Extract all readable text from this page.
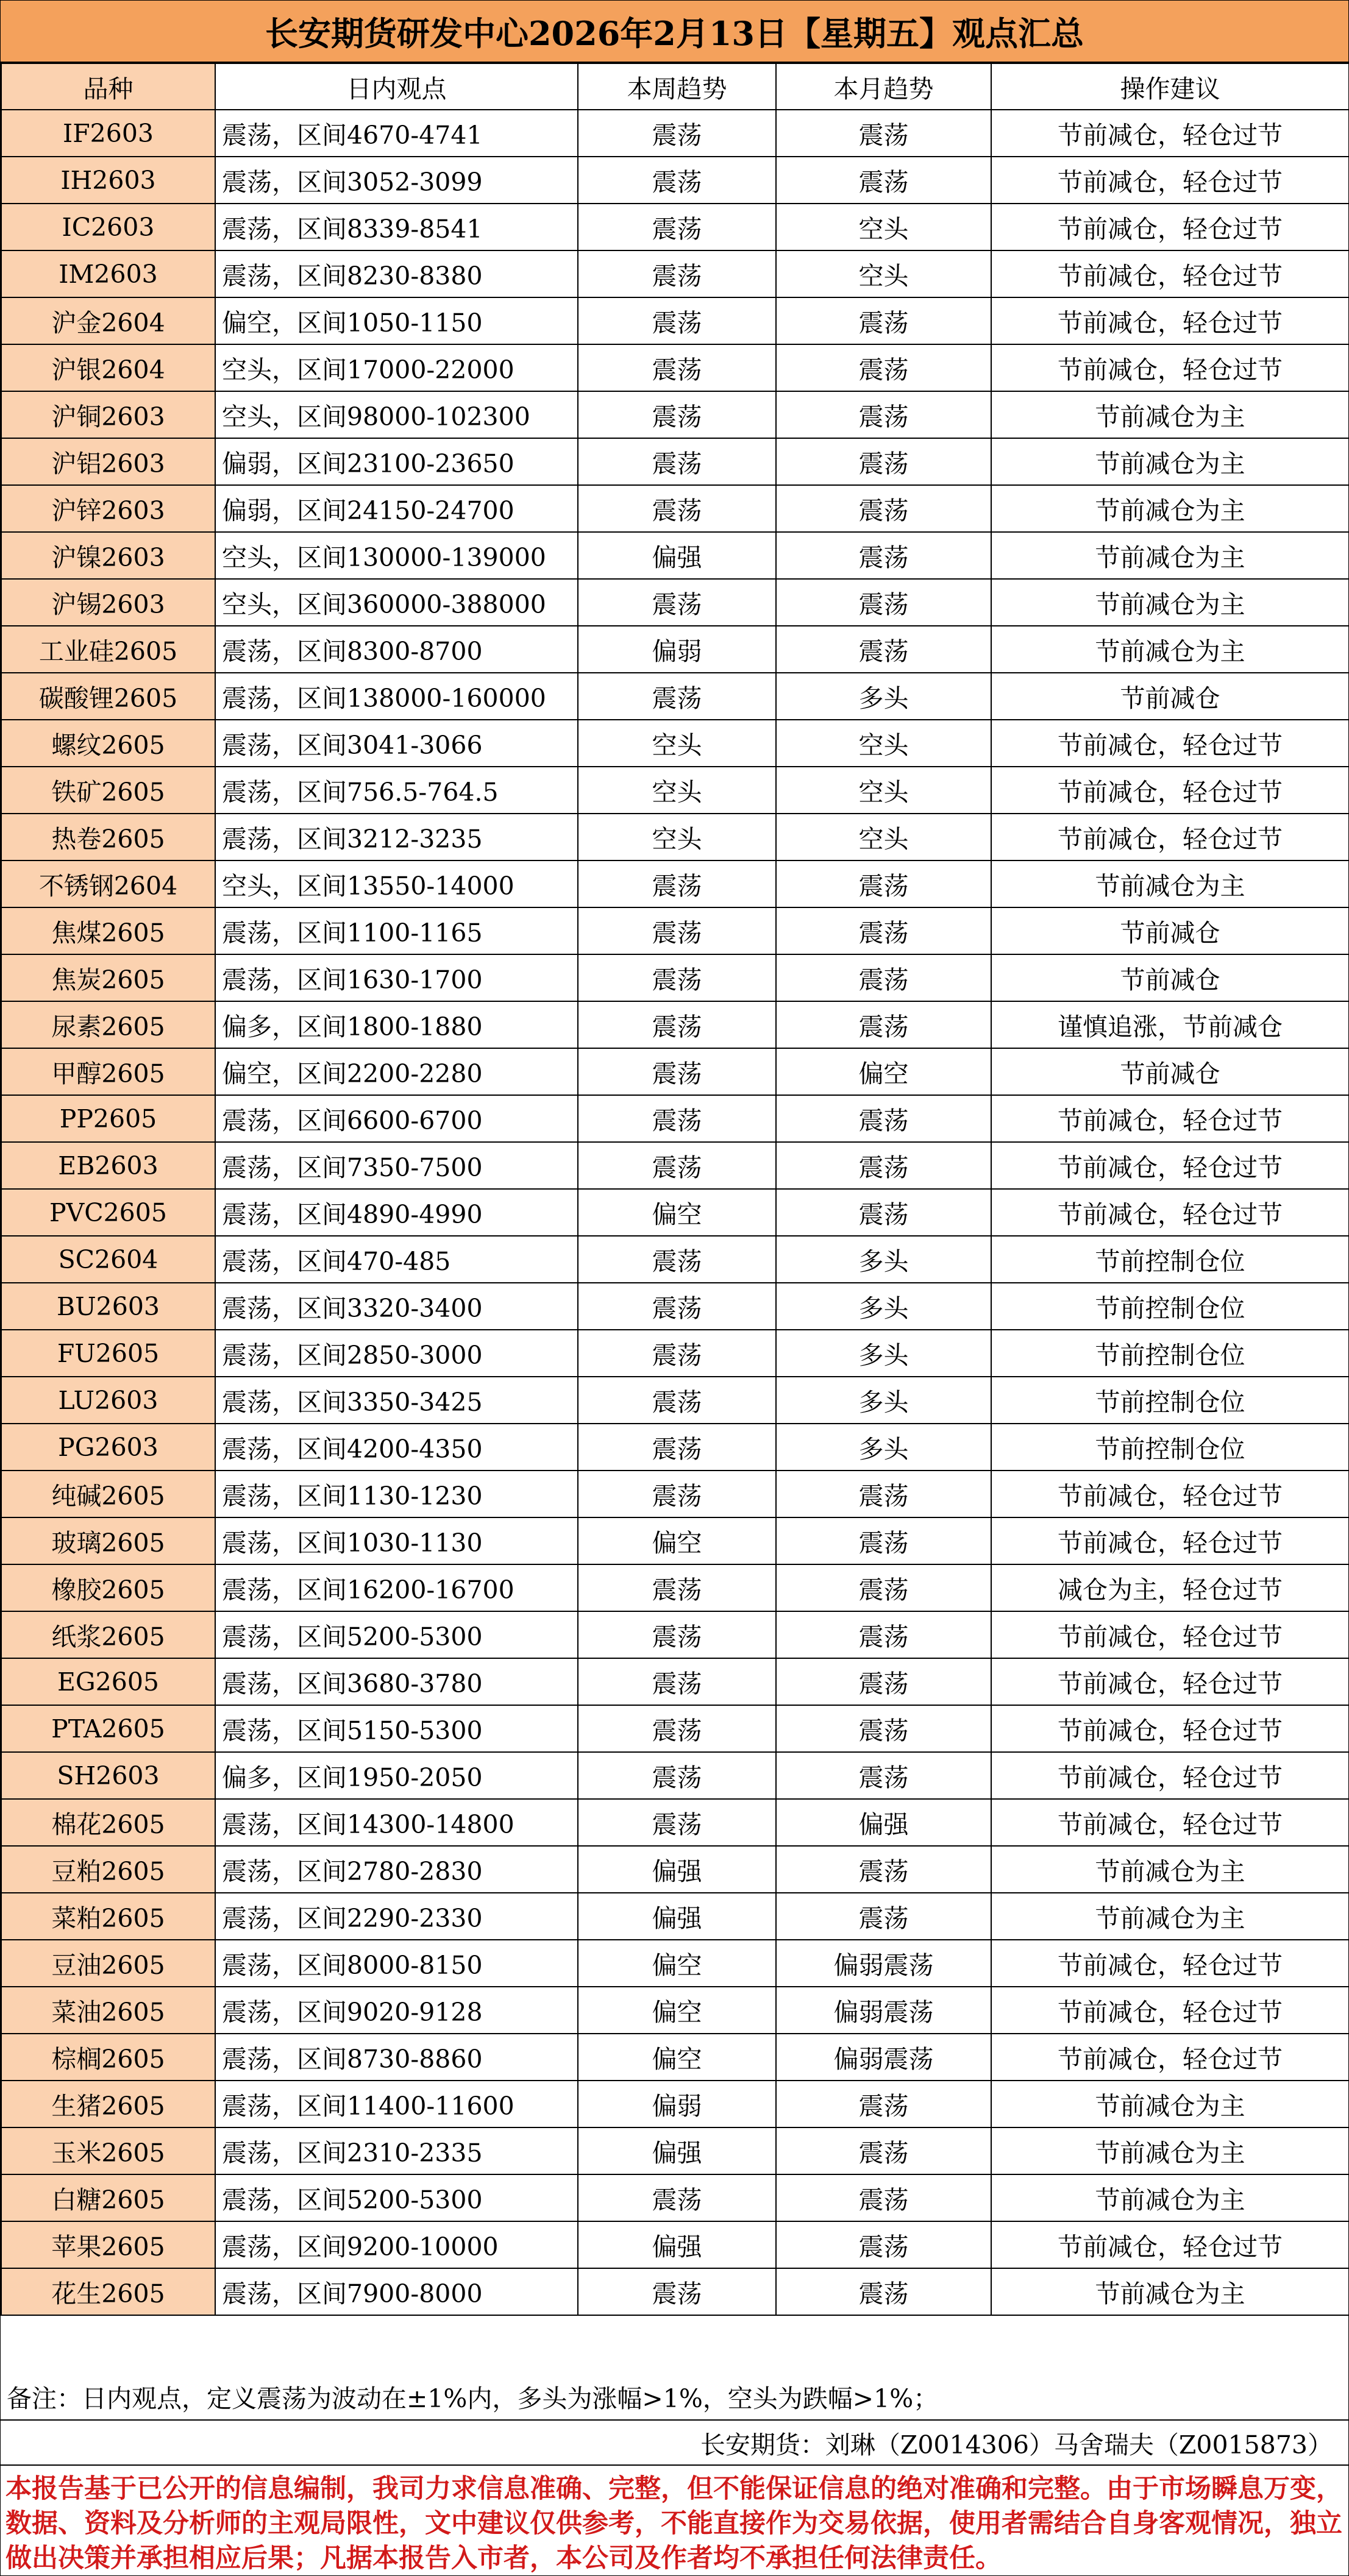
长安期货研发中心2026年2月13日【星期五】观点汇总
品种	日内观点	本周趋势	本月趋势	操作建议
IF2603	震荡，区间4670-4741	震荡	震荡	节前减仓，轻仓过节
IH2603	震荡，区间3052-3099	震荡	震荡	节前减仓，轻仓过节
IC2603	震荡，区间8339-8541	震荡	空头	节前减仓，轻仓过节
IM2603	震荡，区间8230-8380	震荡	空头	节前减仓，轻仓过节
沪金2604	偏空，区间1050-1150	震荡	震荡	节前减仓，轻仓过节
沪银2604	空头，区间17000-22000	震荡	震荡	节前减仓，轻仓过节
沪铜2603	空头，区间98000-102300	震荡	震荡	节前减仓为主
沪铝2603	偏弱，区间23100-23650	震荡	震荡	节前减仓为主
沪锌2603	偏弱，区间24150-24700	震荡	震荡	节前减仓为主
沪镍2603	空头，区间130000-139000	偏强	震荡	节前减仓为主
沪锡2603	空头，区间360000-388000	震荡	震荡	节前减仓为主
工业硅2605	震荡，区间8300-8700	偏弱	震荡	节前减仓为主
碳酸锂2605	震荡，区间138000-160000	震荡	多头	节前减仓
螺纹2605	震荡，区间3041-3066	空头	空头	节前减仓，轻仓过节
铁矿2605	震荡，区间756.5-764.5	空头	空头	节前减仓，轻仓过节
热卷2605	震荡，区间3212-3235	空头	空头	节前减仓，轻仓过节
不锈钢2604	空头，区间13550-14000	震荡	震荡	节前减仓为主
焦煤2605	震荡，区间1100-1165	震荡	震荡	节前减仓
焦炭2605	震荡，区间1630-1700	震荡	震荡	节前减仓
尿素2605	偏多，区间1800-1880	震荡	震荡	谨慎追涨，节前减仓
甲醇2605	偏空，区间2200-2280	震荡	偏空	节前减仓
PP2605	震荡，区间6600-6700	震荡	震荡	节前减仓，轻仓过节
EB2603	震荡，区间7350-7500	震荡	震荡	节前减仓，轻仓过节
PVC2605	震荡，区间4890-4990	偏空	震荡	节前减仓，轻仓过节
SC2604	震荡，区间470-485	震荡	多头	节前控制仓位
BU2603	震荡，区间3320-3400	震荡	多头	节前控制仓位
FU2605	震荡，区间2850-3000	震荡	多头	节前控制仓位
LU2603	震荡，区间3350-3425	震荡	多头	节前控制仓位
PG2603	震荡，区间4200-4350	震荡	多头	节前控制仓位
纯碱2605	震荡，区间1130-1230	震荡	震荡	节前减仓，轻仓过节
玻璃2605	震荡，区间1030-1130	偏空	震荡	节前减仓，轻仓过节
橡胶2605	震荡，区间16200-16700	震荡	震荡	减仓为主，轻仓过节
纸浆2605	震荡，区间5200-5300	震荡	震荡	节前减仓，轻仓过节
EG2605	震荡，区间3680-3780	震荡	震荡	节前减仓，轻仓过节
PTA2605	震荡，区间5150-5300	震荡	震荡	节前减仓，轻仓过节
SH2603	偏多，区间1950-2050	震荡	震荡	节前减仓，轻仓过节
棉花2605	震荡，区间14300-14800	震荡	偏强	节前减仓，轻仓过节
豆粕2605	震荡，区间2780-2830	偏强	震荡	节前减仓为主
菜粕2605	震荡，区间2290-2330	偏强	震荡	节前减仓为主
豆油2605	震荡，区间8000-8150	偏空	偏弱震荡	节前减仓，轻仓过节
菜油2605	震荡，区间9020-9128	偏空	偏弱震荡	节前减仓，轻仓过节
棕榈2605	震荡，区间8730-8860	偏空	偏弱震荡	节前减仓，轻仓过节
生猪2605	震荡，区间11400-11600	偏弱	震荡	节前减仓为主
玉米2605	震荡，区间2310-2335	偏强	震荡	节前减仓为主
白糖2605	震荡，区间5200-5300	震荡	震荡	节前减仓为主
苹果2605	震荡，区间9200-10000	偏强	震荡	节前减仓，轻仓过节
花生2605	震荡，区间7900-8000	震荡	震荡	节前减仓为主
备注：日内观点，定义震荡为波动在±1%内，多头为涨幅>1%，空头为跌幅>1%；
长安期货：刘琳（Z0014306）马舍瑞夫（Z0015873）
本报告基于已公开的信息编制，我司力求信息准确、完整，但不能保证信息的绝对准确和完整。由于市场瞬息万变，数据、资料及分析师的主观局限性，文中建议仅供参考，不能直接作为交易依据，使用者需结合自身客观情况，独立做出决策并承担相应后果；凡据本报告入市者，本公司及作者均不承担任何法律责任。
